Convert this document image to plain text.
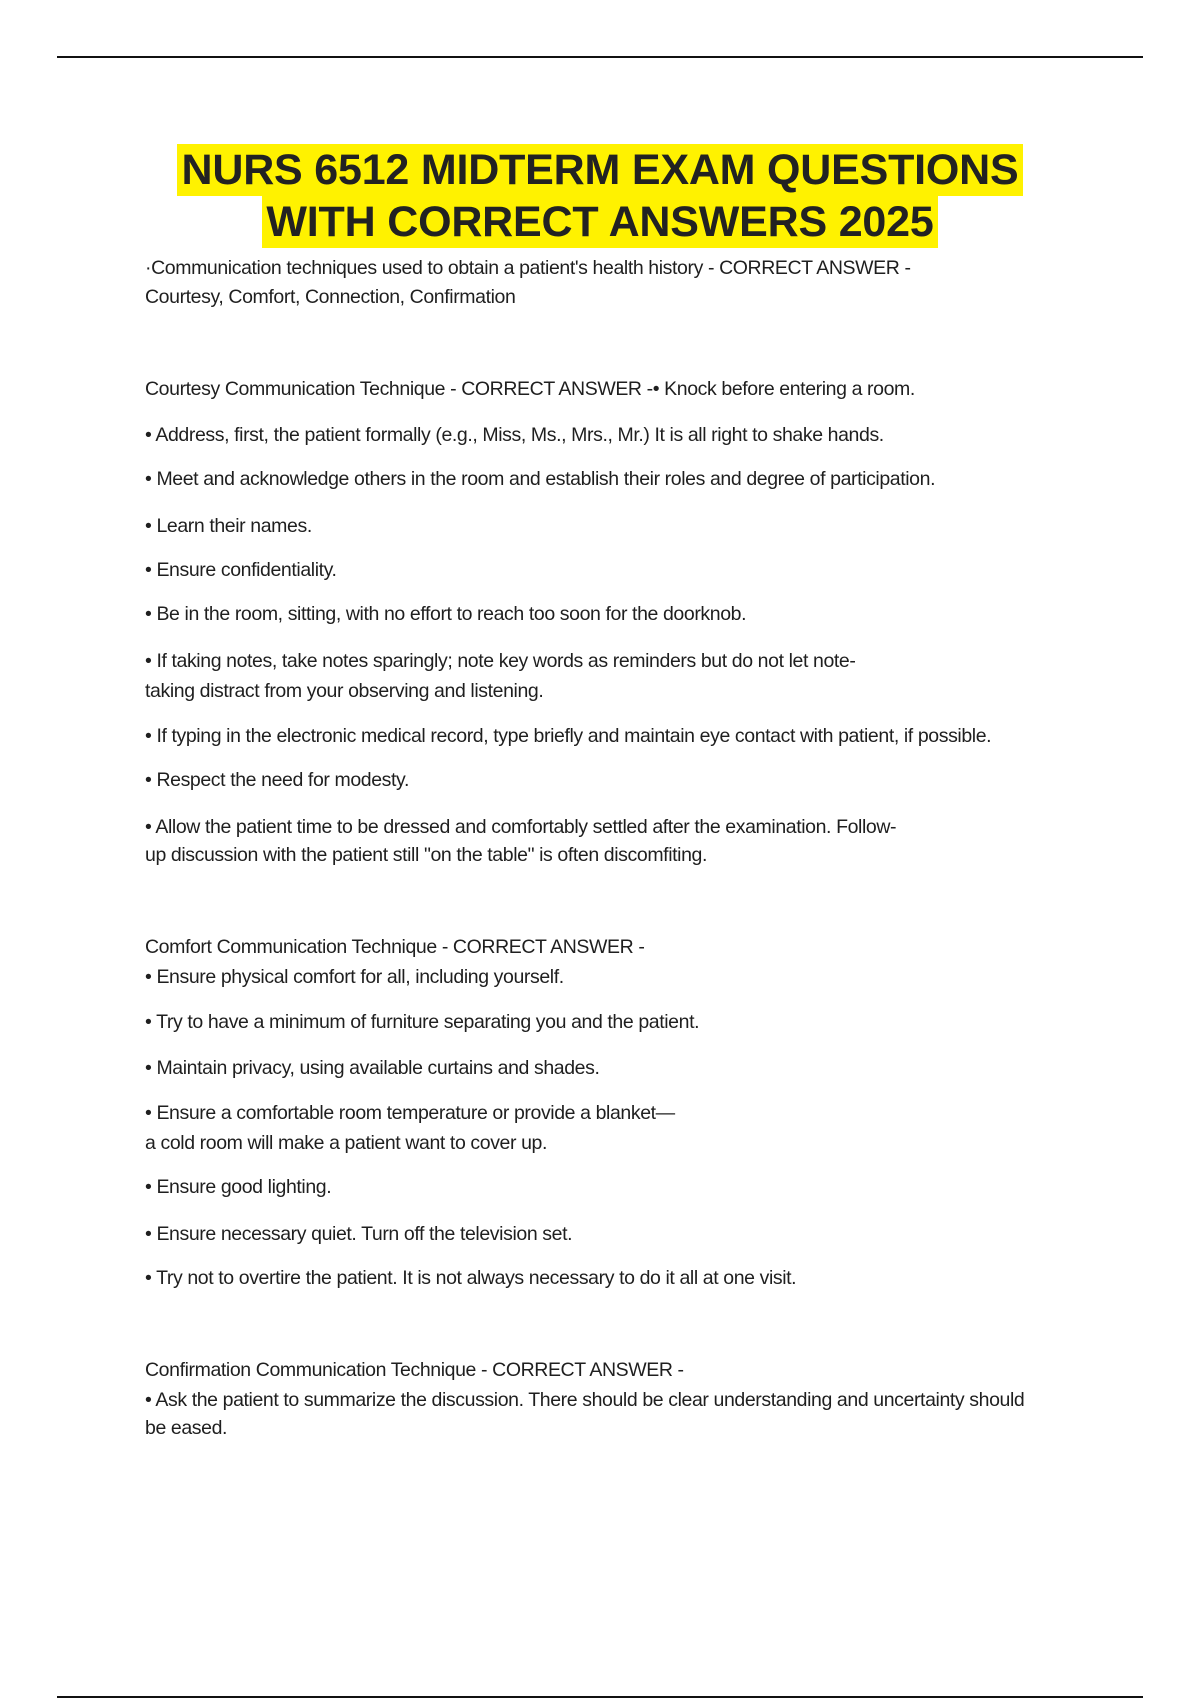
NURS 6512 MIDTERM EXAM QUESTIONS
WITH CORRECT ANSWERS 2025
·Communication techniques used to obtain a patient's health history - CORRECT ANSWER -
Courtesy, Comfort, Connection, Confirmation
Courtesy Communication Technique - CORRECT ANSWER -• Knock before entering a room.
• Address, first, the patient formally (e.g., Miss, Ms., Mrs., Mr.) It is all right to shake hands.
• Meet and acknowledge others in the room and establish their roles and degree of participation.
• Learn their names.
• Ensure confidentiality.
• Be in the room, sitting, with no effort to reach too soon for the doorknob.
• If taking notes, take notes sparingly; note key words as reminders but do not let note-
taking distract from your observing and listening.
• If typing in the electronic medical record, type briefly and maintain eye contact with patient, if possible.
• Respect the need for modesty.
• Allow the patient time to be dressed and comfortably settled after the examination. Follow-
up discussion with the patient still "on the table" is often discomfiting.
Comfort Communication Technique - CORRECT ANSWER -
• Ensure physical comfort for all, including yourself.
• Try to have a minimum of furniture separating you and the patient.
• Maintain privacy, using available curtains and shades.
• Ensure a comfortable room temperature or provide a blanket—
a cold room will make a patient want to cover up.
• Ensure good lighting.
• Ensure necessary quiet. Turn off the television set.
• Try not to overtire the patient. It is not always necessary to do it all at one visit.
Confirmation Communication Technique - CORRECT ANSWER -
• Ask the patient to summarize the discussion. There should be clear understanding and uncertainty should
be eased.
